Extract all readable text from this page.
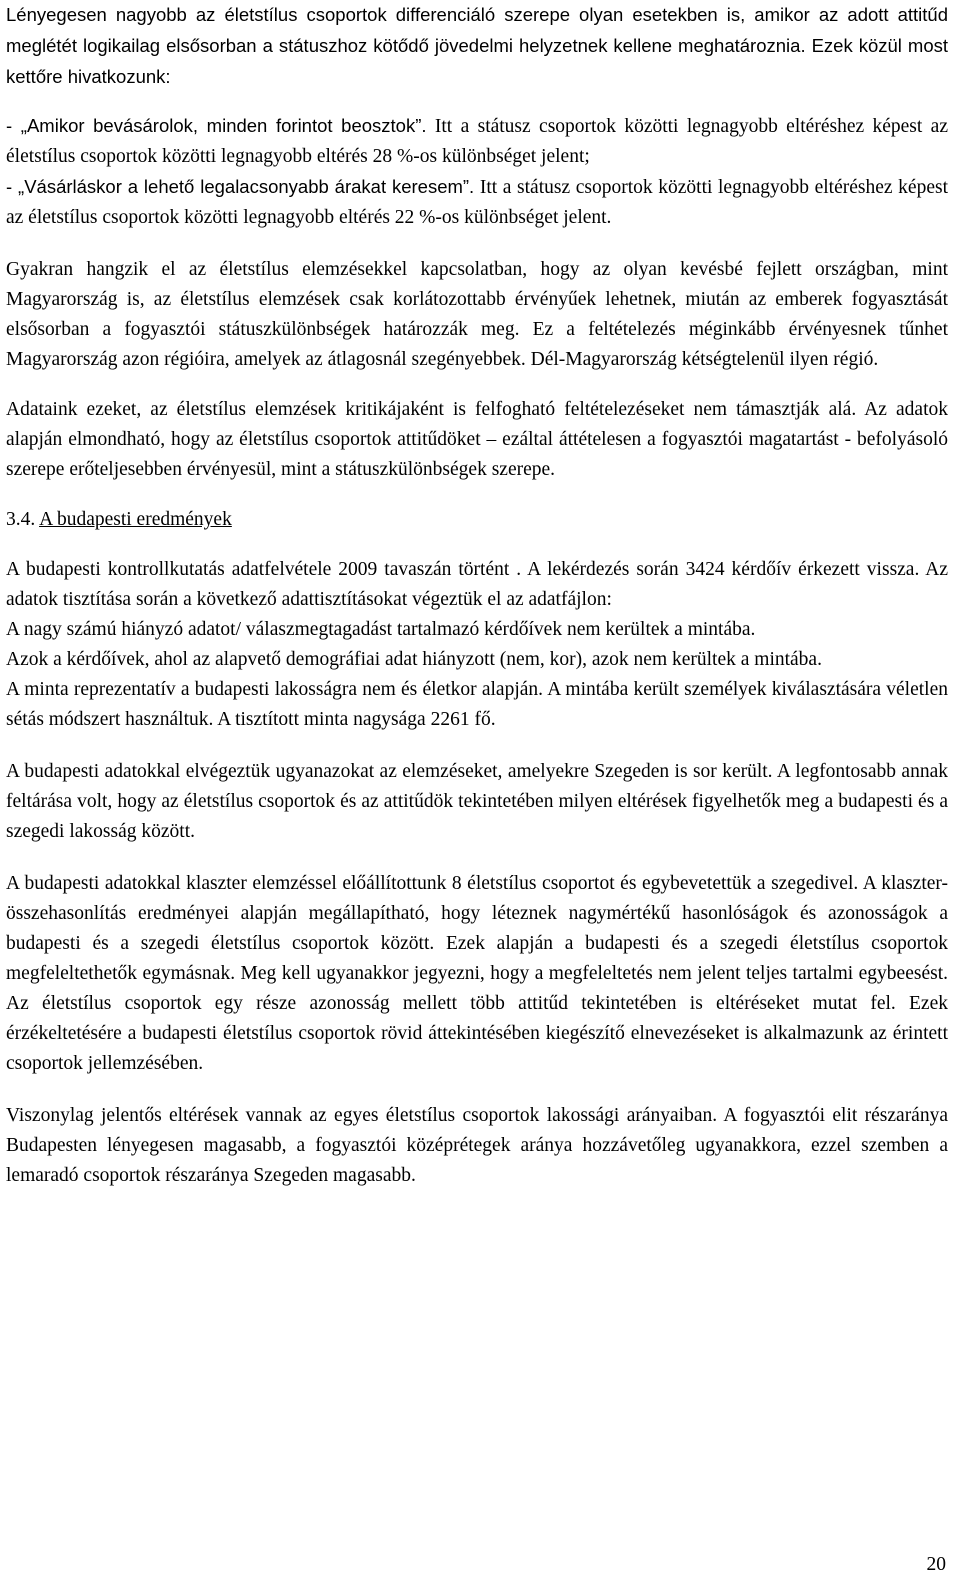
Lényegesen nagyobb az életstílus csoportok differenciáló szerepe olyan esetekben is, amikor az adott attitűd meglétét logikailag elsősorban a státuszhoz kötődő jövedelmi helyzetnek kellene meghatároznia. Ezek közül most kettőre hivatkozunk:

- „Amikor bevásárolok, minden forintot beosztok”. Itt a státusz csoportok közötti legnagyobb eltéréshez képest az életstílus csoportok közötti legnagyobb eltérés 28 %-os különbséget jelent;

- „Vásárláskor a lehető legalacsonyabb árakat keresem”. Itt a státusz csoportok közötti legnagyobb eltéréshez képest az életstílus csoportok közötti legnagyobb eltérés 22 %-os különbséget jelent.

Gyakran hangzik el az életstílus elemzésekkel kapcsolatban, hogy az olyan kevésbé fejlett országban, mint Magyarország is, az életstílus elemzések csak korlátozottabb érvényűek lehetnek, miután az emberek fogyasztását elsősorban a fogyasztói státuszkülönbségek határozzák meg. Ez a feltételezés méginkább érvényesnek tűnhet Magyarország azon régióira, amelyek az átlagosnál szegényebbek. Dél-Magyarország kétségtelenül ilyen régió.

Adataink ezeket, az életstílus elemzések kritikájaként is felfogható feltételezéseket nem támasztják alá. Az adatok alapján elmondható, hogy az életstílus csoportok attitűdöket – ezáltal áttételesen a fogyasztói magatartást - befolyásoló szerepe erőteljesebben érvényesül, mint a státuszkülönbségek szerepe.

3.4. A budapesti eredmények

A budapesti kontrollkutatás adatfelvétele 2009 tavaszán történt . A lekérdezés során 3424 kérdőív érkezett vissza. Az adatok tisztítása során a következő adattisztításokat végeztük el az adatfájlon:

A nagy számú hiányzó adatot/ válaszmegtagadást tartalmazó kérdőívek nem kerültek a mintába.

Azok a kérdőívek, ahol az alapvető demográfiai adat hiányzott (nem, kor), azok nem kerültek a mintába.

A minta reprezentatív a budapesti lakosságra nem és életkor alapján. A mintába került személyek kiválasztására véletlen sétás módszert használtuk. A tisztított minta nagysága 2261 fő.

A budapesti adatokkal elvégeztük ugyanazokat az elemzéseket, amelyekre Szegeden is sor került. A legfontosabb annak feltárása volt, hogy az életstílus csoportok és az attitűdök tekintetében milyen eltérések figyelhetők meg a budapesti és a szegedi lakosság között.

A budapesti adatokkal klaszter elemzéssel előállítottunk 8 életstílus csoportot és egybevetettük a szegedivel. A klaszter-összehasonlítás eredményei alapján megállapítható, hogy léteznek nagymértékű hasonlóságok és azonosságok a budapesti és a szegedi életstílus csoportok között. Ezek alapján a budapesti és a szegedi életstílus csoportok megfeleltethetők egymásnak. Meg kell ugyanakkor jegyezni, hogy a megfeleltetés nem jelent teljes tartalmi egybeesést. Az életstílus csoportok egy része azonosság mellett több attitűd tekintetében is eltéréseket mutat fel. Ezek érzékeltetésére a budapesti életstílus csoportok rövid áttekintésében kiegészítő elnevezéseket is alkalmazunk az érintett csoportok jellemzésében.

Viszonylag jelentős eltérések vannak az egyes életstílus csoportok lakossági arányaiban. A fogyasztói elit részaránya Budapesten lényegesen magasabb, a fogyasztói középrétegek aránya hozzávetőleg ugyanakkora, ezzel szemben a lemaradó csoportok részaránya Szegeden magasabb.

20
